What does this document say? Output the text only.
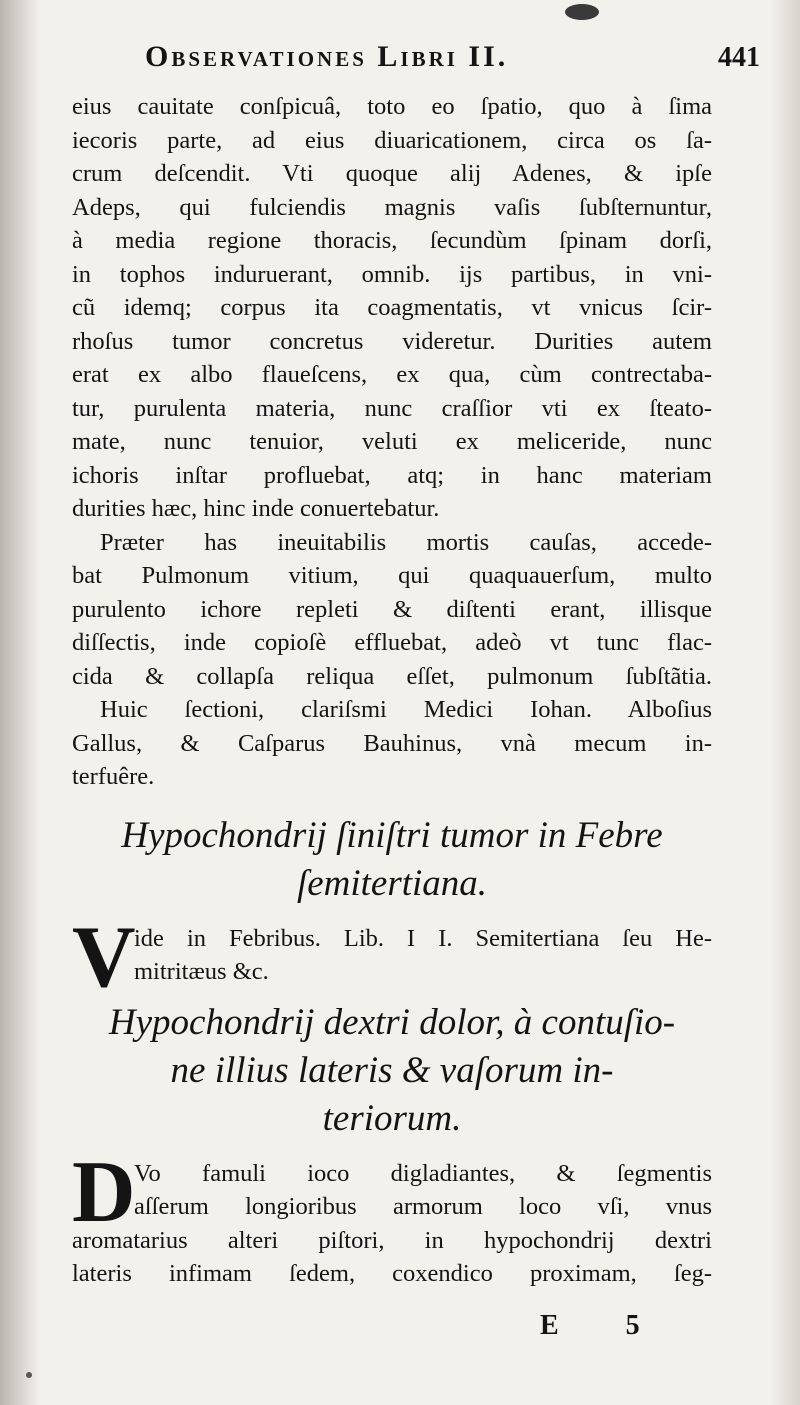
Observationes Libri II.	441
eius cauitate conſpicuâ, toto eo ſpatio, quo à ſima
iecoris parte, ad eius diuaricationem, circa os ſa-
crum deſcendit. Vti quoque alij Adenes, & ipſe
Adeps, qui fulciendis magnis vaſis ſubſternuntur,
à media regione thoracis, ſecundùm ſpinam dorſi,
in tophos induruerant, omnib. ijs partibus, in vni-
cũ idemq; corpus ita coagmentatis, vt vnicus ſcir-
rhoſus tumor concretus videretur. Durities autem
erat ex albo flaueſcens, ex qua, cùm contrectaba-
tur, purulenta materia, nunc craſſior vti ex ſteato-
mate, nunc tenuior, veluti ex meliceride, nunc
ichoris inſtar profluebat, atq; in hanc materiam
durities hæc, hinc inde conuertebatur.
Præter has ineuitabilis mortis cauſas, accede-
bat Pulmonum vitium, qui quaquauerſum, multo
purulento ichore repleti & diſtenti erant, illisque
diſſectis, inde copioſè effluebat, adeò vt tunc flac-
cida & collapſa reliqua eſſet, pulmonum ſubſtãtia.
Huic ſectioni, clariſsmi Medici Iohan. Alboſius
Gallus, & Caſparus Bauhinus, vnà mecum in-
terfuêre.
Hypochondrij ſiniſtri tumor in Febre
ſemitertiana.
V
ide in Febribus. Lib. I I. Semitertiana ſeu He-
mitritæus &c.
Hypochondrij dextri dolor, à contuſio-
ne illius lateris & vaſorum in-
teriorum.
D
Vo famuli ioco digladiantes, & ſegmentis
aſſerum longioribus armorum loco vſi, vnus
aromatarius alteri piſtori, in hypochondrij dextri
lateris infimam ſedem, coxendico proximam, ſeg-
E 5
